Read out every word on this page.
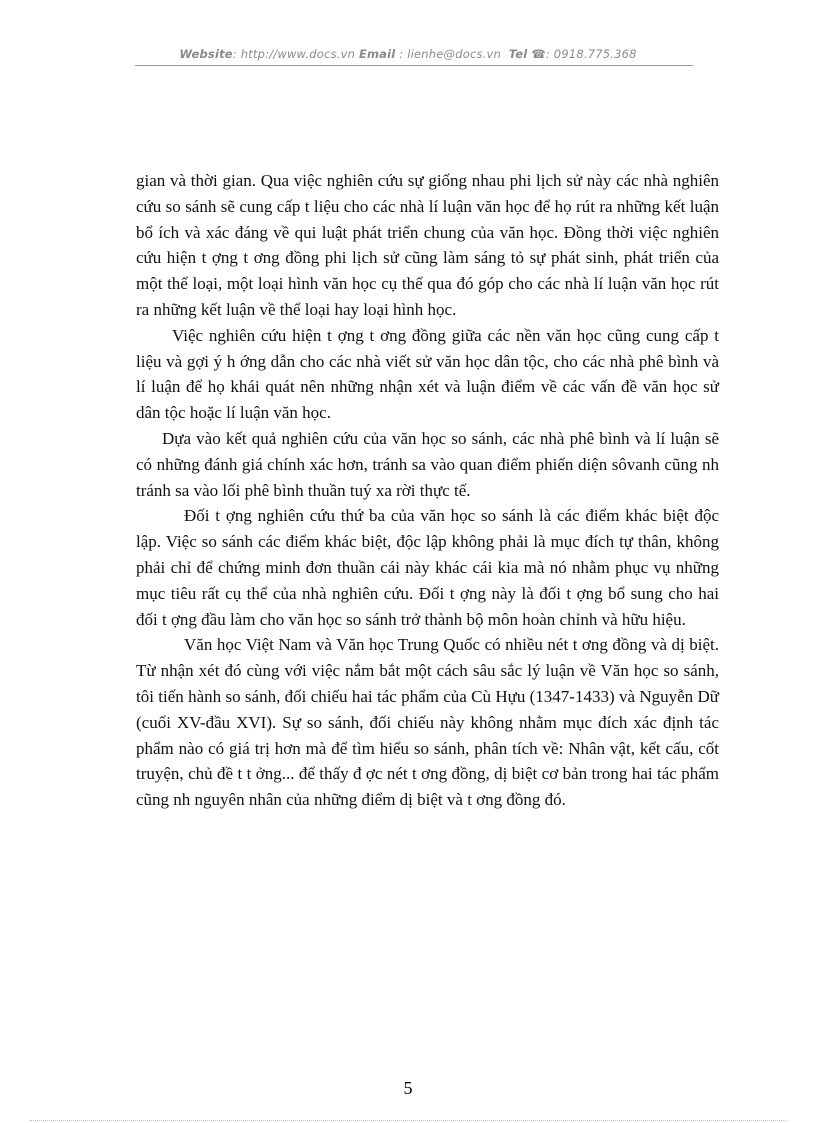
Website: http://www.docs.vn Email : lienhe@docs.vn Tel ☎: 0918.775.368

gian và thời gian. Qua việc nghiên cứu sự giống nhau phi lịch sử này các nhà nghiên cứu so sánh sẽ cung cấp t liệu cho các nhà lí luận văn học để họ rút ra những kết luận bổ ích và xác đáng về qui luật phát triển chung của văn học. Đồng thời việc nghiên cứu hiện t ợng t ơng đồng phi lịch sử cũng làm sáng tỏ sự phát sinh, phát triển của một thể loại, một loại hình văn học cụ thể qua đó góp cho các nhà lí luận văn học rút ra những kết luận về thể loại hay loại hình học.

Việc nghiên cứu hiện t ợng t ơng đồng giữa các nền văn học cũng cung cấp t liệu và gợi ý h ớng dẫn cho các nhà viết sử văn học dân tộc, cho các nhà phê bình và lí luận để họ khái quát nên những nhận xét và luận điểm về các vấn đề văn học sử dân tộc hoặc lí luận văn học.

Dựa vào kết quả nghiên cứu của văn học so sánh, các nhà phê bình và lí luận sẽ có những đánh giá chính xác hơn, tránh sa vào quan điểm phiến diện sôvanh cũng nh tránh sa vào lối phê bình thuần tuý xa rời thực tế.

Đối t ợng nghiên cứu thứ ba của văn học so sánh là các điểm khác biệt độc lập. Việc so sánh các điểm khác biệt, độc lập không phải là mục đích tự thân, không phải chỉ để chứng minh đơn thuần cái này khác cái kia mà nó nhằm phục vụ những mục tiêu rất cụ thể của nhà nghiên cứu. Đối t ợng này là đối t ợng bổ sung cho hai đối t ợng đầu làm cho văn học so sánh trở thành bộ môn hoàn chỉnh và hữu hiệu.

Văn học Việt Nam và Văn học Trung Quốc có nhiều nét t ơng đồng và dị biệt. Từ nhận xét đó cùng với việc nắm bắt một cách sâu sắc lý luận về Văn học so sánh, tôi tiến hành so sánh, đối chiếu hai tác phẩm của Cù Hựu (1347-1433) và Nguyễn Dữ (cuối XV-đầu XVI). Sự so sánh, đối chiếu này không nhằm mục đích xác định tác phẩm nào có giá trị hơn mà để tìm hiểu so sánh, phân tích về: Nhân vật, kết cấu, cốt truyện, chủ đề t t ởng... để thấy đ ợc nét t ơng đồng, dị biệt cơ bản trong hai tác phẩm cũng nh nguyên nhân của những điểm dị biệt và t ơng đồng đó.

5
